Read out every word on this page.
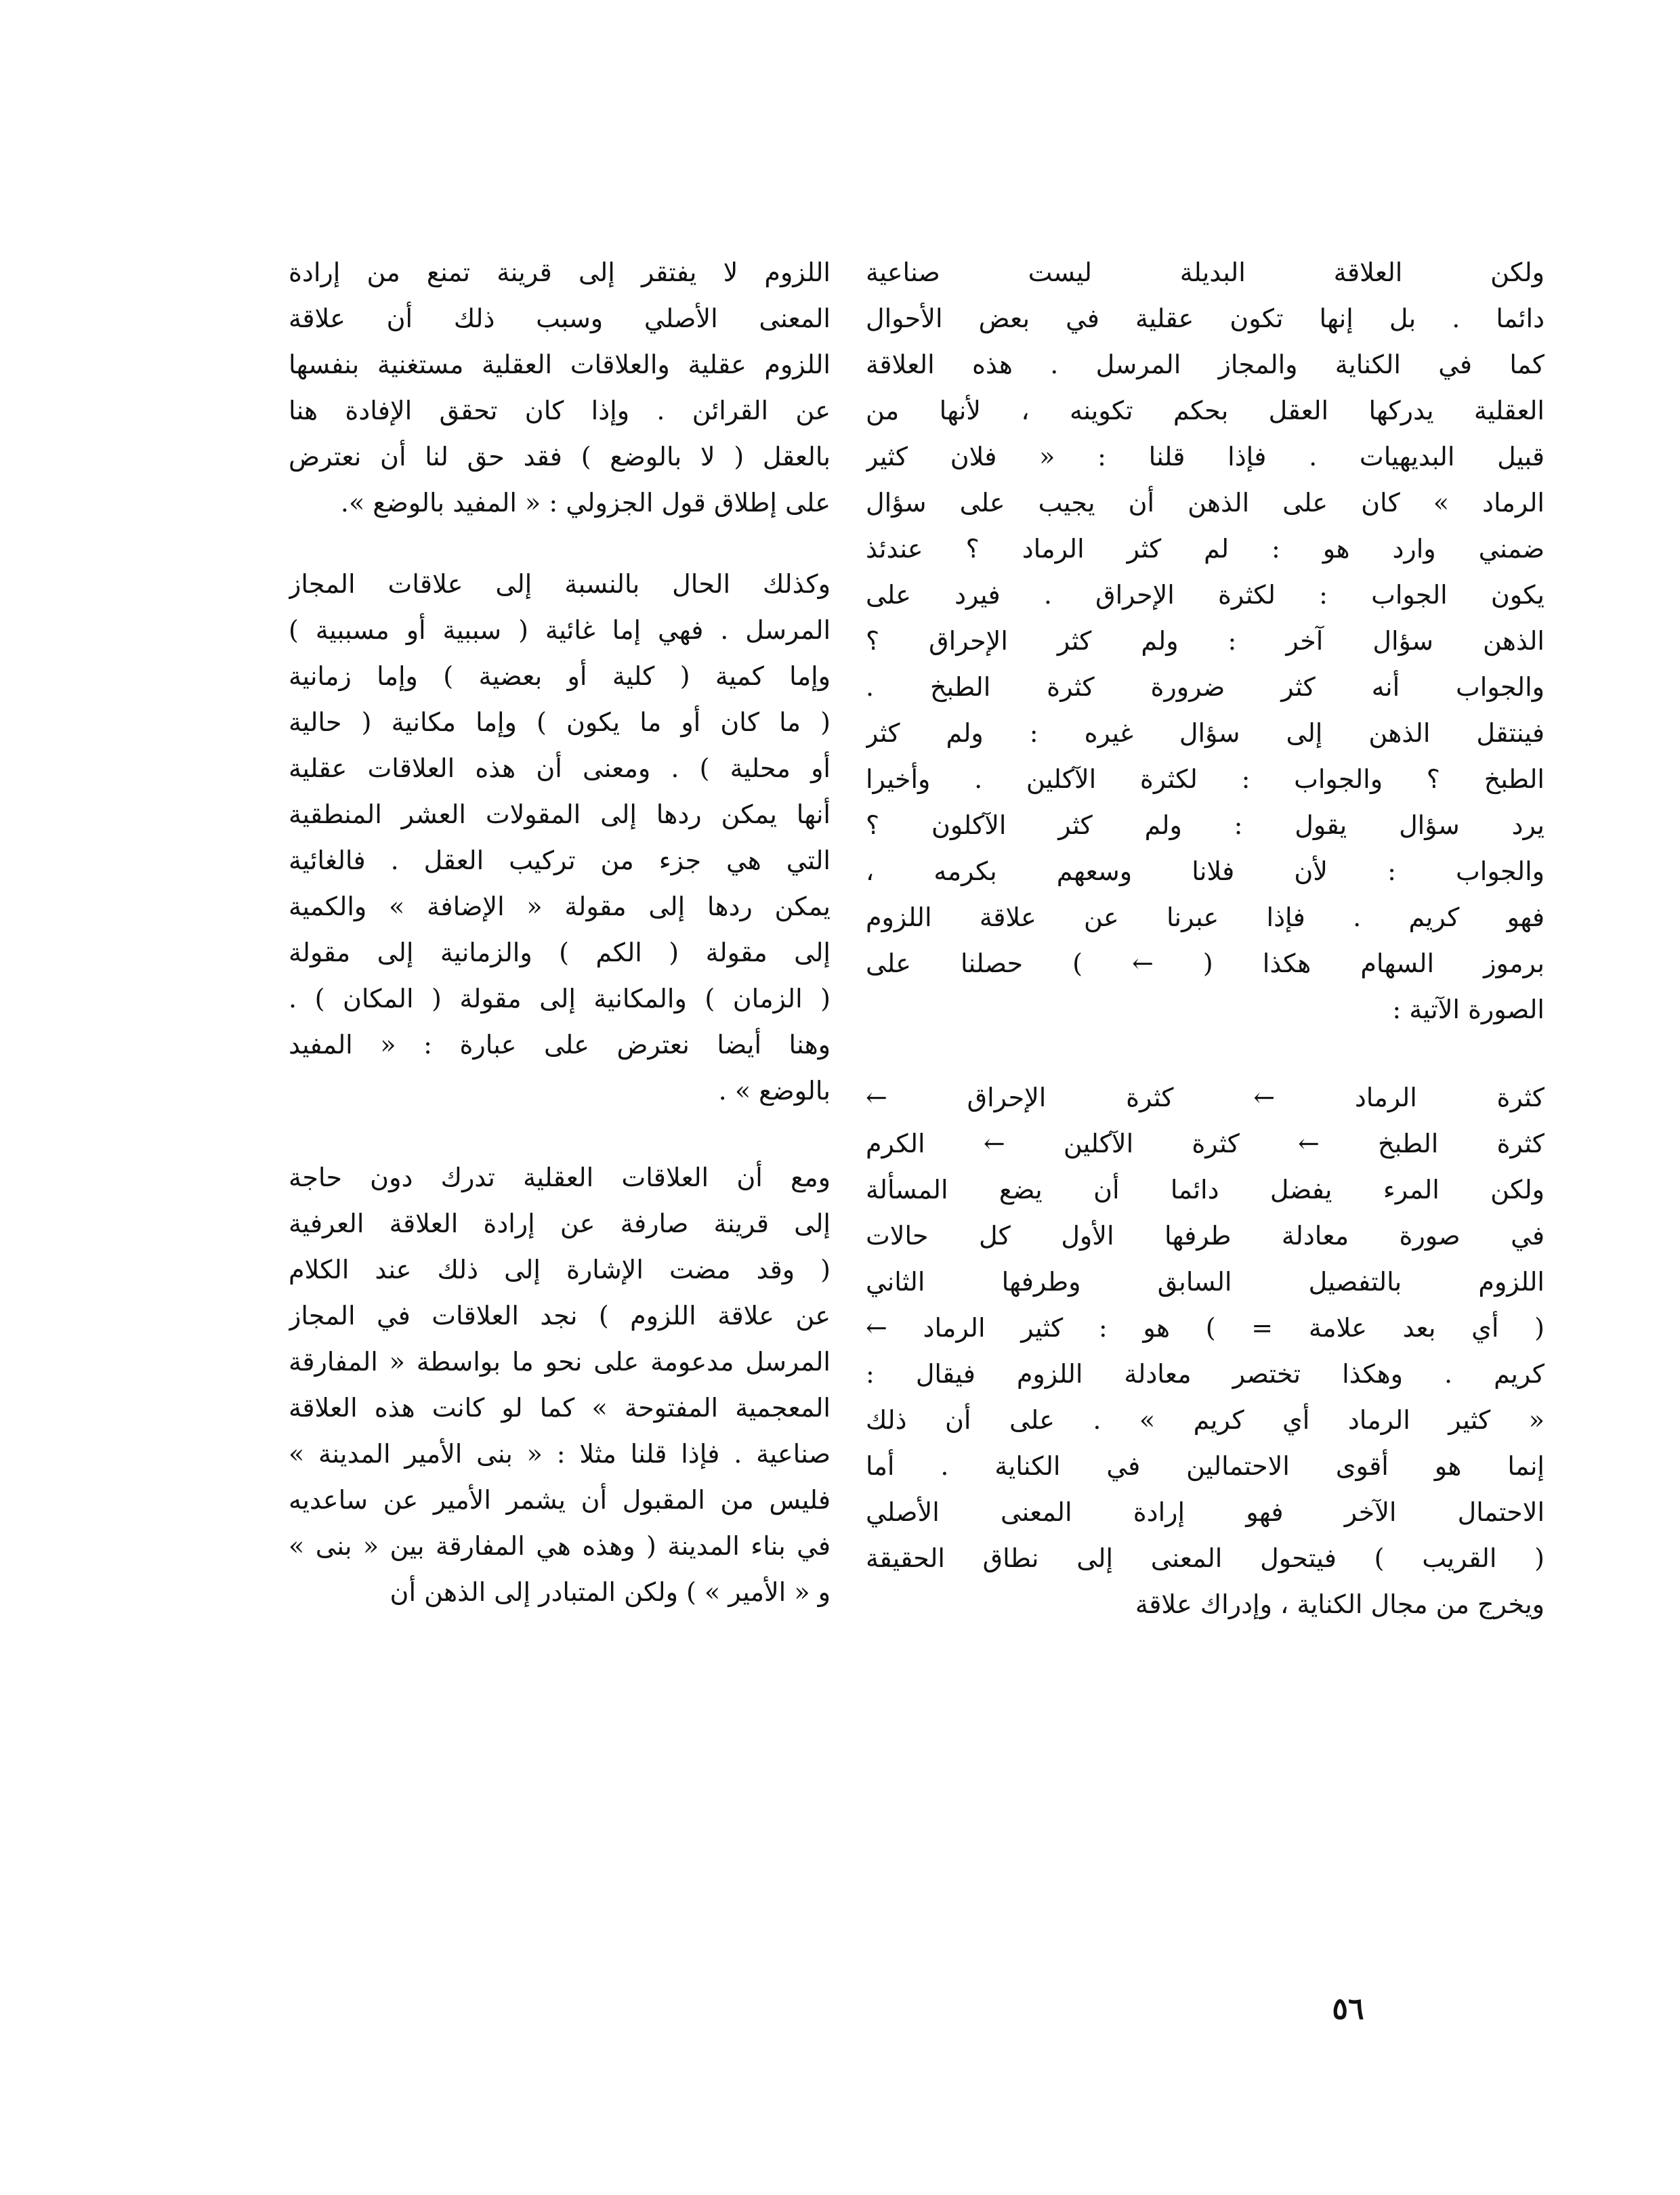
ولكن العلاقة البديلة ليست صناعية
دائما . بل إنها تكون عقلية في بعض الأحوال
كما في الكناية والمجاز المرسل . هذه العلاقة
العقلية يدركها العقل بحكم تكوينه ، لأنها من
قبيل البديهيات . فإذا قلنا : « فلان كثير
الرماد » كان على الذهن أن يجيب على سؤال
ضمني وارد هو : لم كثر الرماد ؟ عندئذ
يكون الجواب : لكثرة الإحراق . فيرد على
الذهن سؤال آخر : ولم كثر الإحراق ؟
والجواب أنه كثر ضرورة كثرة الطبخ .
فينتقل الذهن إلى سؤال غيره : ولم كثر
الطبخ ؟ والجواب : لكثرة الآكلين . وأخيرا
يرد سؤال يقول : ولم كثر الآكلون ؟
والجواب : لأن فلانا وسعهم بكرمه ،
فهو كريم . فإذا عبرنا عن علاقة اللزوم
برموز السهام هكذا ( ← ) حصلنا على
الصورة الآتية :
كثرة الرماد ← كثرة الإحراق ←
كثرة الطبخ ← كثرة الآكلين ← الكرم
ولكن المرء يفضل دائما أن يضع المسألة
في صورة معادلة طرفها الأول كل حالات
اللزوم بالتفصيل السابق وطرفها الثاني
( أي بعد علامة = ) هو : كثير الرماد ←
كريم . وهكذا تختصر معادلة اللزوم فيقال :
« كثير الرماد أي كريم » . على أن ذلك
إنما هو أقوى الاحتمالين في الكناية . أما
الاحتمال الآخر فهو إرادة المعنى الأصلي
( القريب ) فيتحول المعنى إلى نطاق الحقيقة
ويخرج من مجال الكناية ، وإدراك علاقة
اللزوم لا يفتقر إلى قرينة تمنع من إرادة
المعنى الأصلي وسبب ذلك أن علاقة
اللزوم عقلية والعلاقات العقلية مستغنية بنفسها
عن القرائن . وإذا كان تحقق الإفادة هنا
بالعقل ( لا بالوضع ) فقد حق لنا أن نعترض
على إطلاق قول الجزولي : « المفيد بالوضع ».
وكذلك الحال بالنسبة إلى علاقات المجاز
المرسل . فهي إما غائية ( سببية أو مسببية )
وإما كمية ( كلية أو بعضية ) وإما زمانية
( ما كان أو ما يكون ) وإما مكانية ( حالية
أو محلية ) . ومعنى أن هذه العلاقات عقلية
أنها يمكن ردها إلى المقولات العشر المنطقية
التي هي جزء من تركيب العقل . فالغائية
يمكن ردها إلى مقولة « الإضافة » والكمية
إلى مقولة ( الكم ) والزمانية إلى مقولة
( الزمان ) والمكانية إلى مقولة ( المكان ) .
وهنا أيضا نعترض على عبارة : « المفيد
بالوضع » .
ومع أن العلاقات العقلية تدرك دون حاجة
إلى قرينة صارفة عن إرادة العلاقة العرفية
( وقد مضت الإشارة إلى ذلك عند الكلام
عن علاقة اللزوم ) نجد العلاقات في المجاز
المرسل مدعومة على نحو ما بواسطة « المفارقة
المعجمية المفتوحة » كما لو كانت هذه العلاقة
صناعية . فإذا قلنا مثلا : « بنى الأمير المدينة »
فليس من المقبول أن يشمر الأمير عن ساعديه
في بناء المدينة ( وهذه هي المفارقة بين « بنى »
و « الأمير » ) ولكن المتبادر إلى الذهن أن
٥٦
